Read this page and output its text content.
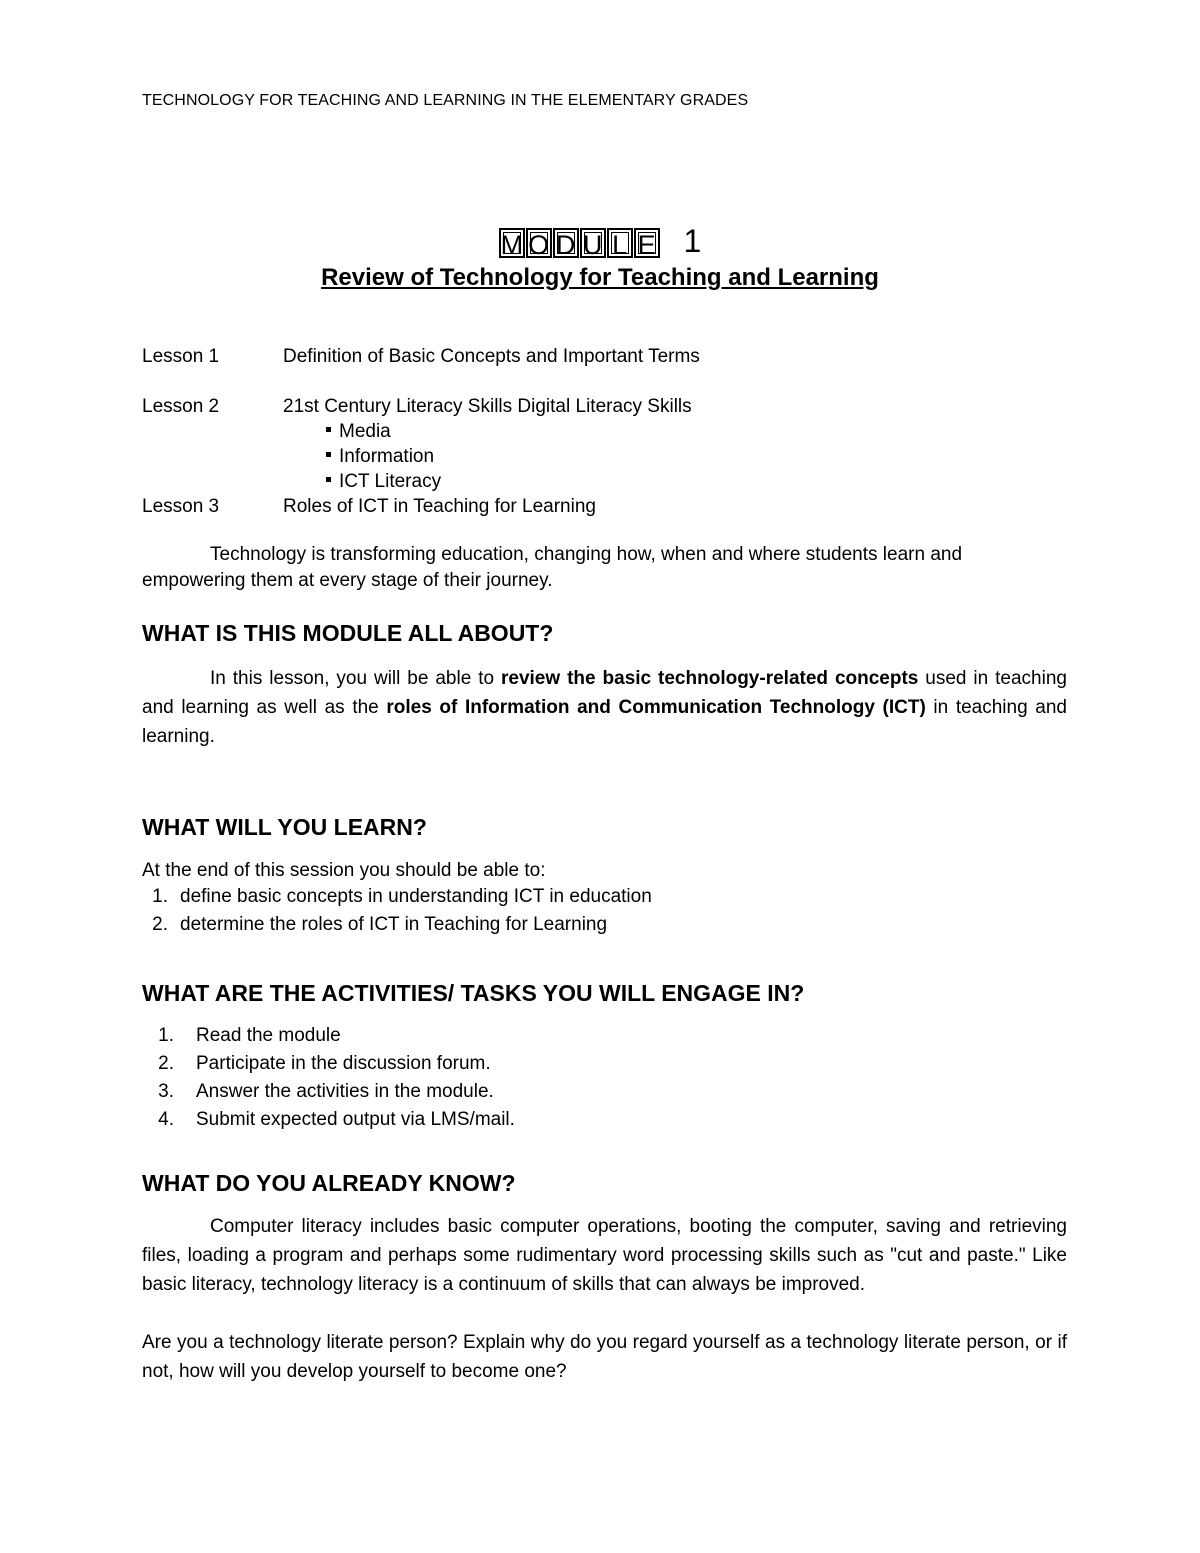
TECHNOLOGY FOR TEACHING AND LEARNING IN THE ELEMENTARY GRADES
M O D U L E 1
Review of Technology for Teaching and Learning
Lesson 1	Definition of Basic Concepts and Important Terms
Lesson 2	21st Century Literacy Skills Digital Literacy Skills
Media
Information
ICT Literacy
Lesson 3	Roles of ICT in Teaching for Learning

Technology is transforming education, changing how, when and where students learn and empowering them at every stage of their journey.

WHAT IS THIS MODULE ALL ABOUT?

In this lesson, you will be able to review the basic technology-related concepts used in teaching and learning as well as the roles of Information and Communication Technology (ICT) in teaching and learning.

WHAT WILL YOU LEARN?
At the end of this session you should be able to:
1. define basic concepts in understanding ICT in education
2. determine the roles of ICT in Teaching for Learning
WHAT ARE THE ACTIVITIES/ TASKS YOU WILL ENGAGE IN?
1. Read the module
2. Participate in the discussion forum.
3. Answer the activities in the module.
4. Submit expected output via LMS/mail.
WHAT DO YOU ALREADY KNOW?

Computer literacy includes basic computer operations, booting the computer, saving and retrieving files, loading a program and perhaps some rudimentary word processing skills such as "cut and paste." Like basic literacy, technology literacy is a continuum of skills that can always be improved.

Are you a technology literate person? Explain why do you regard yourself as a technology literate person, or if not, how will you develop yourself to become one?
